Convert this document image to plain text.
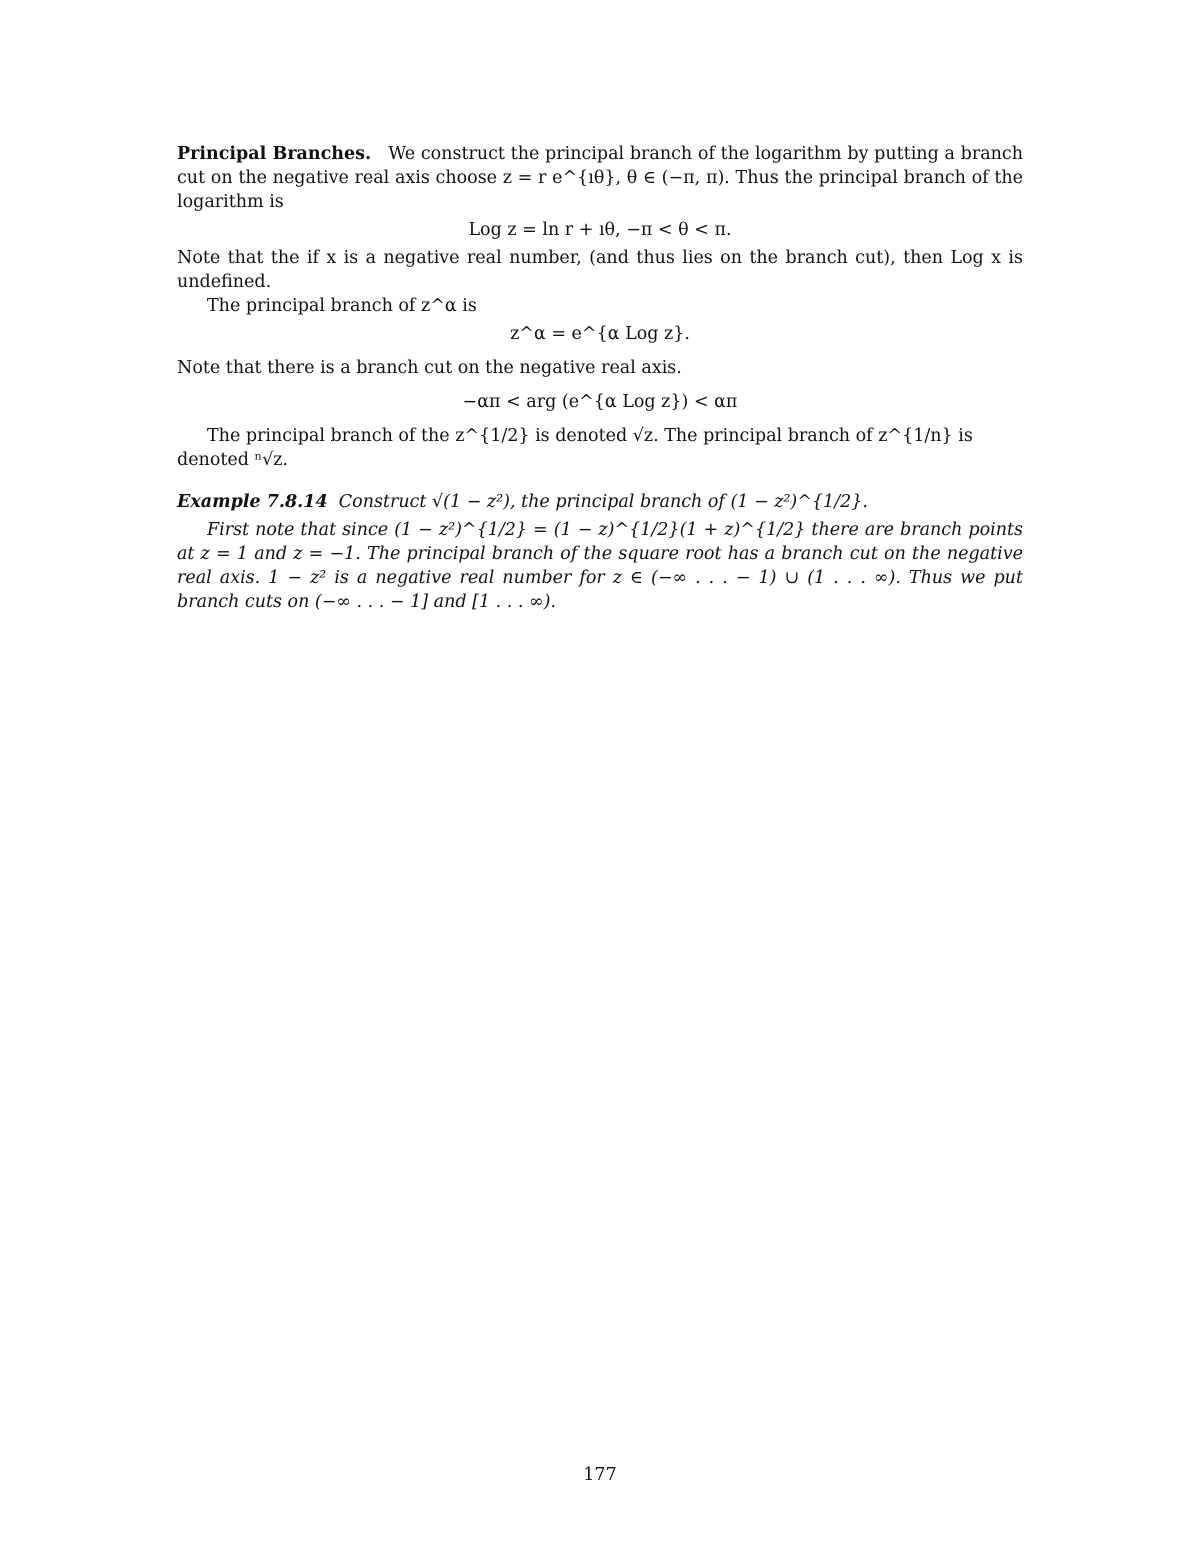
Principal Branches. We construct the principal branch of the logarithm by putting a branch cut on the negative real axis choose z = r e^{ıθ}, θ ∈ (−π, π). Thus the principal branch of the logarithm is

Log z = ln r + ıθ, −π < θ < π.

Note that the if x is a negative real number, (and thus lies on the branch cut), then Log x is undefined.

The principal branch of z^α is

z^α = e^{α Log z}.

Note that there is a branch cut on the negative real axis.

−απ < arg (e^{α Log z}) < απ

The principal branch of the z^{1/2} is denoted √z. The principal branch of z^{1/n} is denoted ⁿ√z.

Example 7.8.14 Construct √(1 − z²), the principal branch of (1 − z²)^{1/2}.

First note that since (1 − z²)^{1/2} = (1 − z)^{1/2}(1 + z)^{1/2} there are branch points at z = 1 and z = −1. The principal branch of the square root has a branch cut on the negative real axis. 1 − z² is a negative real number for z ∈ (−∞ . . . − 1) ∪ (1 . . . ∞). Thus we put branch cuts on (−∞ . . . − 1] and [1 . . . ∞).

177
